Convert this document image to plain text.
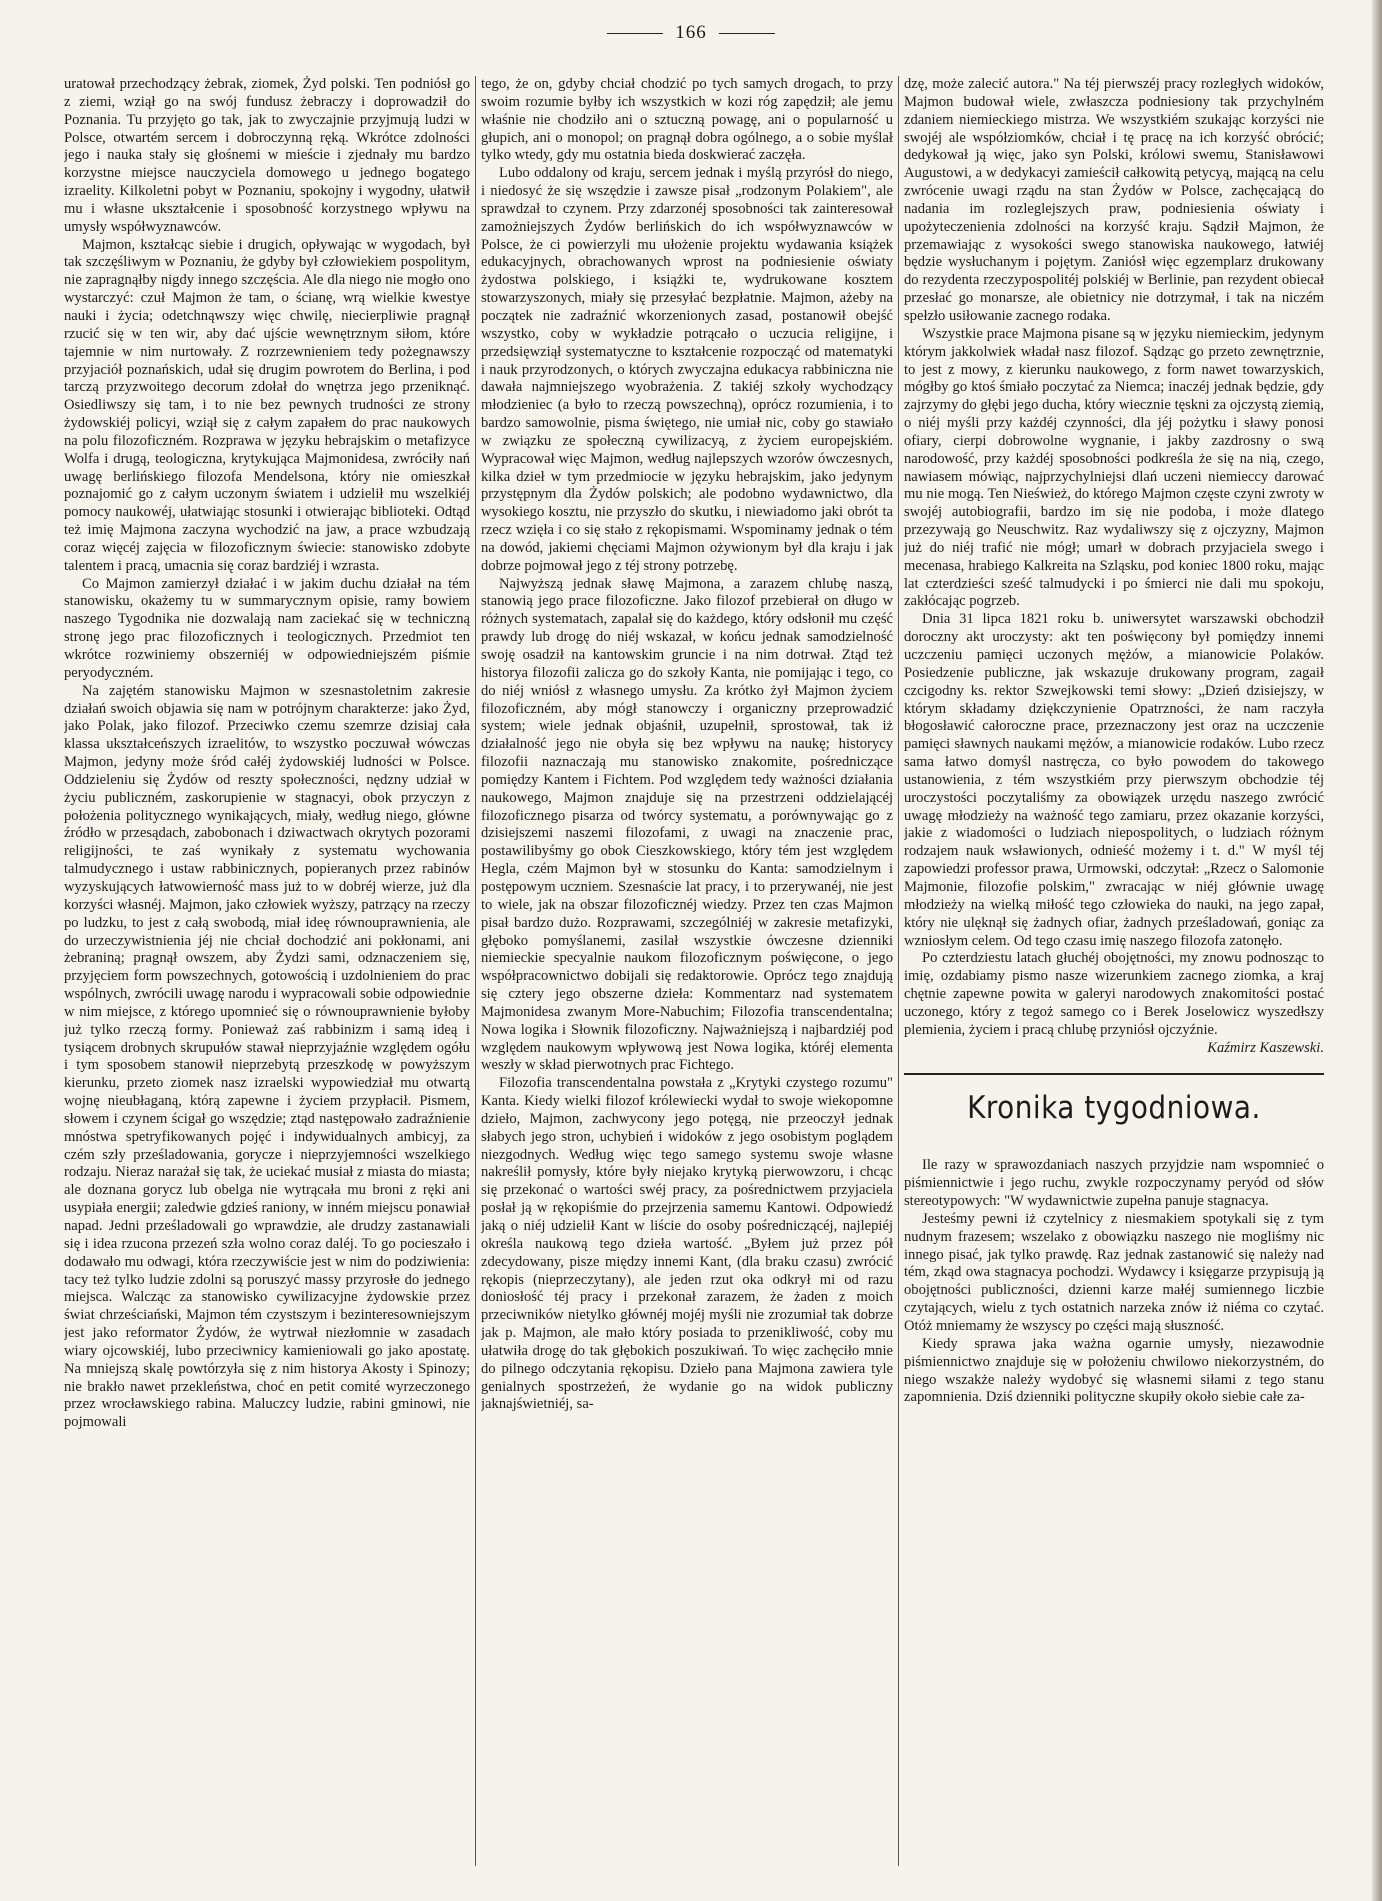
166

uratował przechodzący żebrak, ziomek, Żyd polski. Ten podniósł go z ziemi, wziął go na swój fundusz żebraczy i doprowadził do Poznania. Tu przyjęto go tak, jak to zwyczajnie przyjmują ludzi w Polsce, otwartém sercem i dobroczynną ręką. Wkrótce zdolności jego i nauka stały się głośnemi w mieście i zjednały mu bardzo korzystne miejsce nauczyciela domowego u jednego bogatego izraelity. Kilkoletni pobyt w Poznaniu, spokojny i wygodny, ułatwił mu i własne ukształcenie i sposobność korzystnego wpływu na umysły współwyznawców.

Majmon, kształcąc siebie i drugich, opływając w wygodach, był tak szczęśliwym w Poznaniu, że gdyby był człowiekiem pospolitym, nie zapragnąłby nigdy innego szczęścia. Ale dla niego nie mogło ono wystarczyć: czuł Majmon że tam, o ścianę, wrą wielkie kwestye nauki i życia; odetchnąwszy więc chwilę, niecierpliwie pragnął rzucić się w ten wir, aby dać ujście wewnętrznym siłom, które tajemnie w nim nurtowały. Z rozrzewnieniem tedy pożegnawszy przyjaciół poznańskich, udał się drugim powrotem do Berlina, i pod tarczą przyzwoitego decorum zdołał do wnętrza jego przeniknąć. Osiedliwszy się tam, i to nie bez pewnych trudności ze strony żydowskiéj policyi, wziął się z całym zapałem do prac naukowych na polu filozoficzném. Rozprawa w języku hebrajskim o metafizyce Wolfa i drugą, teologiczna, krytykująca Majmonidesa, zwróciły nań uwagę berlińskiego filozofa Mendelsona, który nie omieszkał poznajomić go z całym uczonym światem i udzielił mu wszelkiéj pomocy naukowéj, ułatwiając stosunki i otwierając biblioteki. Odtąd też imię Majmona zaczyna wychodzić na jaw, a prace wzbudzają coraz więcéj zajęcia w filozoficznym świecie: stanowisko zdobyte talentem i pracą, umacnia się coraz bardziéj i wzrasta.

Co Majmon zamierzył działać i w jakim duchu działał na tém stanowisku, okażemy tu w summarycznym opisie, ramy bowiem naszego Tygodnika nie dozwalają nam zaciekać się w techniczną stronę jego prac filozoficznych i teologicznych. Przedmiot ten wkrótce rozwiniemy obszerniéj w odpowiedniejszém piśmie peryodyczném.

Na zajętém stanowisku Majmon w szesnastoletnim zakresie działań swoich objawia się nam w potrójnym charakterze: jako Żyd, jako Polak, jako filozof. Przeciwko czemu szemrze dzisiaj cała klassa ukształceńszych izraelitów, to wszystko poczuwał wówczas Majmon, jedyny może śród całéj żydowskiéj ludności w Polsce. Oddzieleniu się Żydów od reszty społeczności, nędzny udział w życiu publiczném, zaskorupienie w stagnacyi, obok przyczyn z położenia politycznego wynikających, miały, według niego, główne źródło w przesądach, zabobonach i dziwactwach okrytych pozorami religijności, te zaś wynikały z systematu wychowania talmudycznego i ustaw rabbinicznych, popieranych przez rabinów wyzyskujących łatwowierność mass już to w dobréj wierze, już dla korzyści własnéj. Majmon, jako człowiek wyższy, patrzący na rzeczy po ludzku, to jest z całą swobodą, miał ideę równouprawnienia, ale do urzeczywistnienia jéj nie chciał dochodzić ani pokłonami, ani żebraniną; pragnął owszem, aby Żydzi sami, odznaczeniem się, przyjęciem form powszechnych, gotowością i uzdolnieniem do prac wspólnych, zwrócili uwagę narodu i wypracowali sobie odpowiednie w nim miejsce, z którego upomnieć się o równouprawnienie byłoby już tylko rzeczą formy. Ponieważ zaś rabbinizm i samą ideą i tysiącem drobnych skrupułów stawał nieprzyjaźnie względem ogółu i tym sposobem stanowił nieprzebytą przeszkodę w powyższym kierunku, przeto ziomek nasz izraelski wypowiedział mu otwartą wojnę nieubłaganą, którą zapewne i życiem przypłacił. Pismem, słowem i czynem ścigał go wszędzie; ztąd następowało zadraźnienie mnóstwa spetryfikowanych pojęć i indywidualnych ambicyj, za czém szły prześladowania, gorycze i nieprzyjemności wszelkiego rodzaju. Nieraz narażał się tak, że uciekać musiał z miasta do miasta; ale doznana gorycz lub obelga nie wytrącała mu broni z ręki ani usypiała energii; zaledwie gdzieś raniony, w inném miejscu ponawiał napad. Jedni prześladowali go wprawdzie, ale drudzy zastanawiali się i idea rzucona przezeń szła wolno coraz daléj. To go pocieszało i dodawało mu odwagi, która rzeczywiście jest w nim do podziwienia: tacy też tylko ludzie zdolni są poruszyć massy przyrosłe do jednego miejsca. Walcząc za stanowisko cywilizacyjne żydowskie przez świat chrześciański, Majmon tém czystszym i bezinteresowniejszym jest jako reformator Żydów, że wytrwał niezłomnie w zasadach wiary ojcowskiéj, lubo przeciwnicy kamieniowali go jako apostatę. Na mniejszą skalę powtórzyła się z nim historya Akosty i Spinozy; nie brakło nawet przekleństwa, choć en petit comité wyrzeczonego przez wrocławskiego rabina. Maluczcy ludzie, rabini gminowi, nie pojmowali

tego, że on, gdyby chciał chodzić po tych samych drogach, to przy swoim rozumie byłby ich wszystkich w kozi róg zapędził; ale jemu właśnie nie chodziło ani o sztuczną powagę, ani o popularność u głupich, ani o monopol; on pragnął dobra ogólnego, a o sobie myślał tylko wtedy, gdy mu ostatnia bieda doskwierać zaczęła.

Lubo oddalony od kraju, sercem jednak i myślą przyrósł do niego, i niedosyć że się wszędzie i zawsze pisał „rodzonym Polakiem", ale sprawdzał to czynem. Przy zdarzonéj sposobności tak zainteresował zamożniejszych Żydów berlińskich do ich współwyznawców w Polsce, że ci powierzyli mu ułożenie projektu wydawania książek edukacyjnych, obrachowanych wprost na podniesienie oświaty żydostwa polskiego, i książki te, wydrukowane kosztem stowarzyszonych, miały się przesyłać bezpłatnie. Majmon, ażeby na początek nie zadraźnić wkorzenionych zasad, postanowił obejść wszystko, coby w wykładzie potrącało o uczucia religijne, i przedsięwziął systematyczne to kształcenie rozpocząć od matematyki i nauk przyrodzonych, o których zwyczajna edukacya rabbiniczna nie dawała najmniejszego wyobrażenia. Z takiéj szkoły wychodzący młodzieniec (a było to rzeczą powszechną), oprócz rozumienia, i to bardzo samowolnie, pisma świętego, nie umiał nic, coby go stawiało w związku ze społeczną cywilizacyą, z życiem europejskiém. Wypracował więc Majmon, według najlepszych wzorów ówczesnych, kilka dzieł w tym przedmiocie w języku hebrajskim, jako jedynym przystępnym dla Żydów polskich; ale podobno wydawnictwo, dla wysokiego kosztu, nie przyszło do skutku, i niewiadomo jaki obrót ta rzecz wzięła i co się stało z rękopismami. Wspominamy jednak o tém na dowód, jakiemi chęciami Majmon ożywionym był dla kraju i jak dobrze pojmował jego z téj strony potrzebę.

Najwyższą jednak sławę Majmona, a zarazem chlubę naszą, stanowią jego prace filozoficzne. Jako filozof przebierał on długo w różnych systematach, zapalał się do każdego, który odsłonił mu część prawdy lub drogę do niéj wskazał, w końcu jednak samodzielność swoję osadził na kantowskim gruncie i na nim dotrwał. Ztąd też historya filozofii zalicza go do szkoły Kanta, nie pomijając i tego, co do niéj wniósł z własnego umysłu. Za krótko żył Majmon życiem filozoficzném, aby mógł stanowczy i organiczny przeprowadzić system; wiele jednak objaśnił, uzupełnił, sprostował, tak iż działalność jego nie obyła się bez wpływu na naukę; historycy filozofii naznaczają mu stanowisko znakomite, pośredniczące pomiędzy Kantem i Fichtem. Pod względem tedy ważności działania naukowego, Majmon znajduje się na przestrzeni oddzielającéj filozoficznego pisarza od twórcy systematu, a porównywając go z dzisiejszemi naszemi filozofami, z uwagi na znaczenie prac, postawilibyśmy go obok Cieszkowskiego, który tém jest względem Hegla, czém Majmon był w stosunku do Kanta: samodzielnym i postępowym uczniem. Szesnaście lat pracy, i to przerywanéj, nie jest to wiele, jak na obszar filozoficznéj wiedzy. Przez ten czas Majmon pisał bardzo dużo. Rozprawami, szczególniéj w zakresie metafizyki, głęboko pomyślanemi, zasilał wszystkie ówczesne dzienniki niemieckie specyalnie naukom filozoficznym poświęcone, o jego współpracownictwo dobijali się redaktorowie. Oprócz tego znajdują się cztery jego obszerne dzieła: Kommentarz nad systematem Majmonidesa zwanym More-Nabuchim; Filozofia transcendentalna; Nowa logika i Słownik filozoficzny. Najważniejszą i najbardziéj pod względem naukowym wpływową jest Nowa logika, któréj elementa weszły w skład pierwotnych prac Fichtego.

Filozofia transcendentalna powstała z „Krytyki czystego rozumu" Kanta. Kiedy wielki filozof królewiecki wydał to swoje wiekopomne dzieło, Majmon, zachwycony jego potęgą, nie przeoczył jednak słabych jego stron, uchybień i widoków z jego osobistym poglądem niezgodnych. Według więc tego samego systemu swoje własne nakreślił pomysły, które były niejako krytyką pierwowzoru, i chcąc się przekonać o wartości swéj pracy, za pośrednictwem przyjaciela posłał ją w rękopiśmie do przejrzenia samemu Kantowi. Odpowiedź jaką o niéj udzielił Kant w liście do osoby pośredniczącéj, najlepiéj określa naukową tego dzieła wartość. „Byłem już przez pół zdecydowany, pisze między innemi Kant, (dla braku czasu) zwrócić rękopis (nieprzeczytany), ale jeden rzut oka odkrył mi od razu doniosłość téj pracy i przekonał zarazem, że żaden z moich przeciwników nietylko głównéj mojéj myśli nie zrozumiał tak dobrze jak p. Majmon, ale mało który posiada to przenikliwość, coby mu ułatwiła drogę do tak głębokich poszukiwań. To więc zachęciło mnie do pilnego odczytania rękopisu. Dzieło pana Majmona zawiera tyle genialnych spostrzeżeń, że wydanie go na widok publiczny jaknajświetniéj, sa-

dzę, może zalecić autora." Na téj pierwszéj pracy rozległych widoków, Majmon budował wiele, zwłaszcza podniesiony tak przychylném zdaniem niemieckiego mistrza. We wszystkiém szukając korzyści nie swojéj ale współziomków, chciał i tę pracę na ich korzyść obrócić; dedykował ją więc, jako syn Polski, królowi swemu, Stanisławowi Augustowi, a w dedykacyi zamieścił całkowitą petycyą, mającą na celu zwrócenie uwagi rządu na stan Żydów w Polsce, zachęcającą do nadania im rozleglejszych praw, podniesienia oświaty i upożyteczenienia zdolności na korzyść kraju. Sądził Majmon, że przemawiając z wysokości swego stanowiska naukowego, łatwiéj będzie wysłuchanym i pojętym. Zaniósł więc egzemplarz drukowany do rezydenta rzeczypospolitéj polskiéj w Berlinie, pan rezydent obiecał przesłać go monarsze, ale obietnicy nie dotrzymał, i tak na niczém spełzło usiłowanie zacnego rodaka.

Wszystkie prace Majmona pisane są w języku niemieckim, jedynym którym jakkolwiek władał nasz filozof. Sądząc go przeto zewnętrznie, to jest z mowy, z kierunku naukowego, z form nawet towarzyskich, mógłby go ktoś śmiało poczytać za Niemca; inaczéj jednak będzie, gdy zajrzymy do głębi jego ducha, który wiecznie tęskni za ojczystą ziemią, o niéj myśli przy każdéj czynności, dla jéj pożytku i sławy ponosi ofiary, cierpi dobrowolne wygnanie, i jakby zazdrosny o swą narodowość, przy każdéj sposobności podkreśla że się na nią, czego, nawiasem mówiąc, najprzychylniejsi dlań uczeni niemieccy darować mu nie mogą. Ten Nieśwież, do którego Majmon częste czyni zwroty w swojéj autobiografii, bardzo im się nie podoba, i może dlatego przezywają go Neuschwitz. Raz wydaliwszy się z ojczyzny, Majmon już do niéj trafić nie mógł; umarł w dobrach przyjaciela swego i mecenasa, hrabiego Kalkreita na Szląsku, pod koniec 1800 roku, mając lat czterdzieści sześć talmudycki i po śmierci nie dali mu spokoju, zakłócając pogrzeb.

Dnia 31 lipca 1821 roku b. uniwersytet warszawski obchodził doroczny akt uroczysty: akt ten poświęcony był pomiędzy innemi uczczeniu pamięci uczonych mężów, a mianowicie Polaków. Posiedzenie publiczne, jak wskazuje drukowany program, zagaił czcigodny ks. rektor Szwejkowski temi słowy: „Dzień dzisiejszy, w którym składamy dziękczynienie Opatrzności, że nam raczyła błogosławić całoroczne prace, przeznaczony jest oraz na uczczenie pamięci sławnych naukami mężów, a mianowicie rodaków. Lubo rzecz sama łatwo domyśl nastręcza, co było powodem do takowego ustanowienia, z tém wszystkiém przy pierwszym obchodzie téj uroczystości poczytaliśmy za obowiązek urzędu naszego zwrócić uwagę młodzieży na ważność tego zamiaru, przez okazanie korzyści, jakie z wiadomości o ludziach niepospolitych, o ludziach różnym rodzajem nauk wsławionych, odnieść możemy i t. d." W myśl téj zapowiedzi professor prawa, Urmowski, odczytał: „Rzecz o Salomonie Majmonie, filozofie polskim," zwracając w niéj głównie uwagę młodzieży na wielką miłość tego człowieka do nauki, na jego zapał, który nie ulęknął się żadnych ofiar, żadnych prześladowań, goniąc za wzniosłym celem. Od tego czasu imię naszego filozofa zatonęło.

Po czterdziestu latach głuchéj obojętności, my znowu podnosząc to imię, ozdabiamy pismo nasze wizerunkiem zacnego ziomka, a kraj chętnie zapewne powita w galeryi narodowych znakomitości postać uczonego, który z tegoż samego co i Berek Joselowicz wyszedłszy plemienia, życiem i pracą chlubę przyniósł ojczyźnie.

Kaźmirz Kaszewski.
Kronika tygodniowa.

Ile razy w sprawozdaniach naszych przyjdzie nam wspomnieć o piśmiennictwie i jego ruchu, zwykle rozpoczynamy peryód od słów stereotypowych: "W wydawnictwie zupełna panuje stagnacya.

Jesteśmy pewni iż czytelnicy z niesmakiem spotykali się z tym nudnym frazesem; wszelako z obowiązku naszego nie mogliśmy nic innego pisać, jak tylko prawdę. Raz jednak zastanowić się należy nad tém, zkąd owa stagnacya pochodzi. Wydawcy i księgarze przypisują ją obojętności publiczności, dzienni karze małéj sumiennego liczbie czytających, wielu z tych ostatnich narzeka znów iż niéma co czytać. Otóż mniemamy że wszyscy po części mają słuszność.

Kiedy sprawa jaka ważna ogarnie umysły, niezawodnie piśmiennictwo znajduje się w położeniu chwilowo niekorzystném, do niego wszakże należy wydobyć się własnemi siłami z tego stanu zapomnienia. Dziś dzienniki polityczne skupiły około siebie całe za-
